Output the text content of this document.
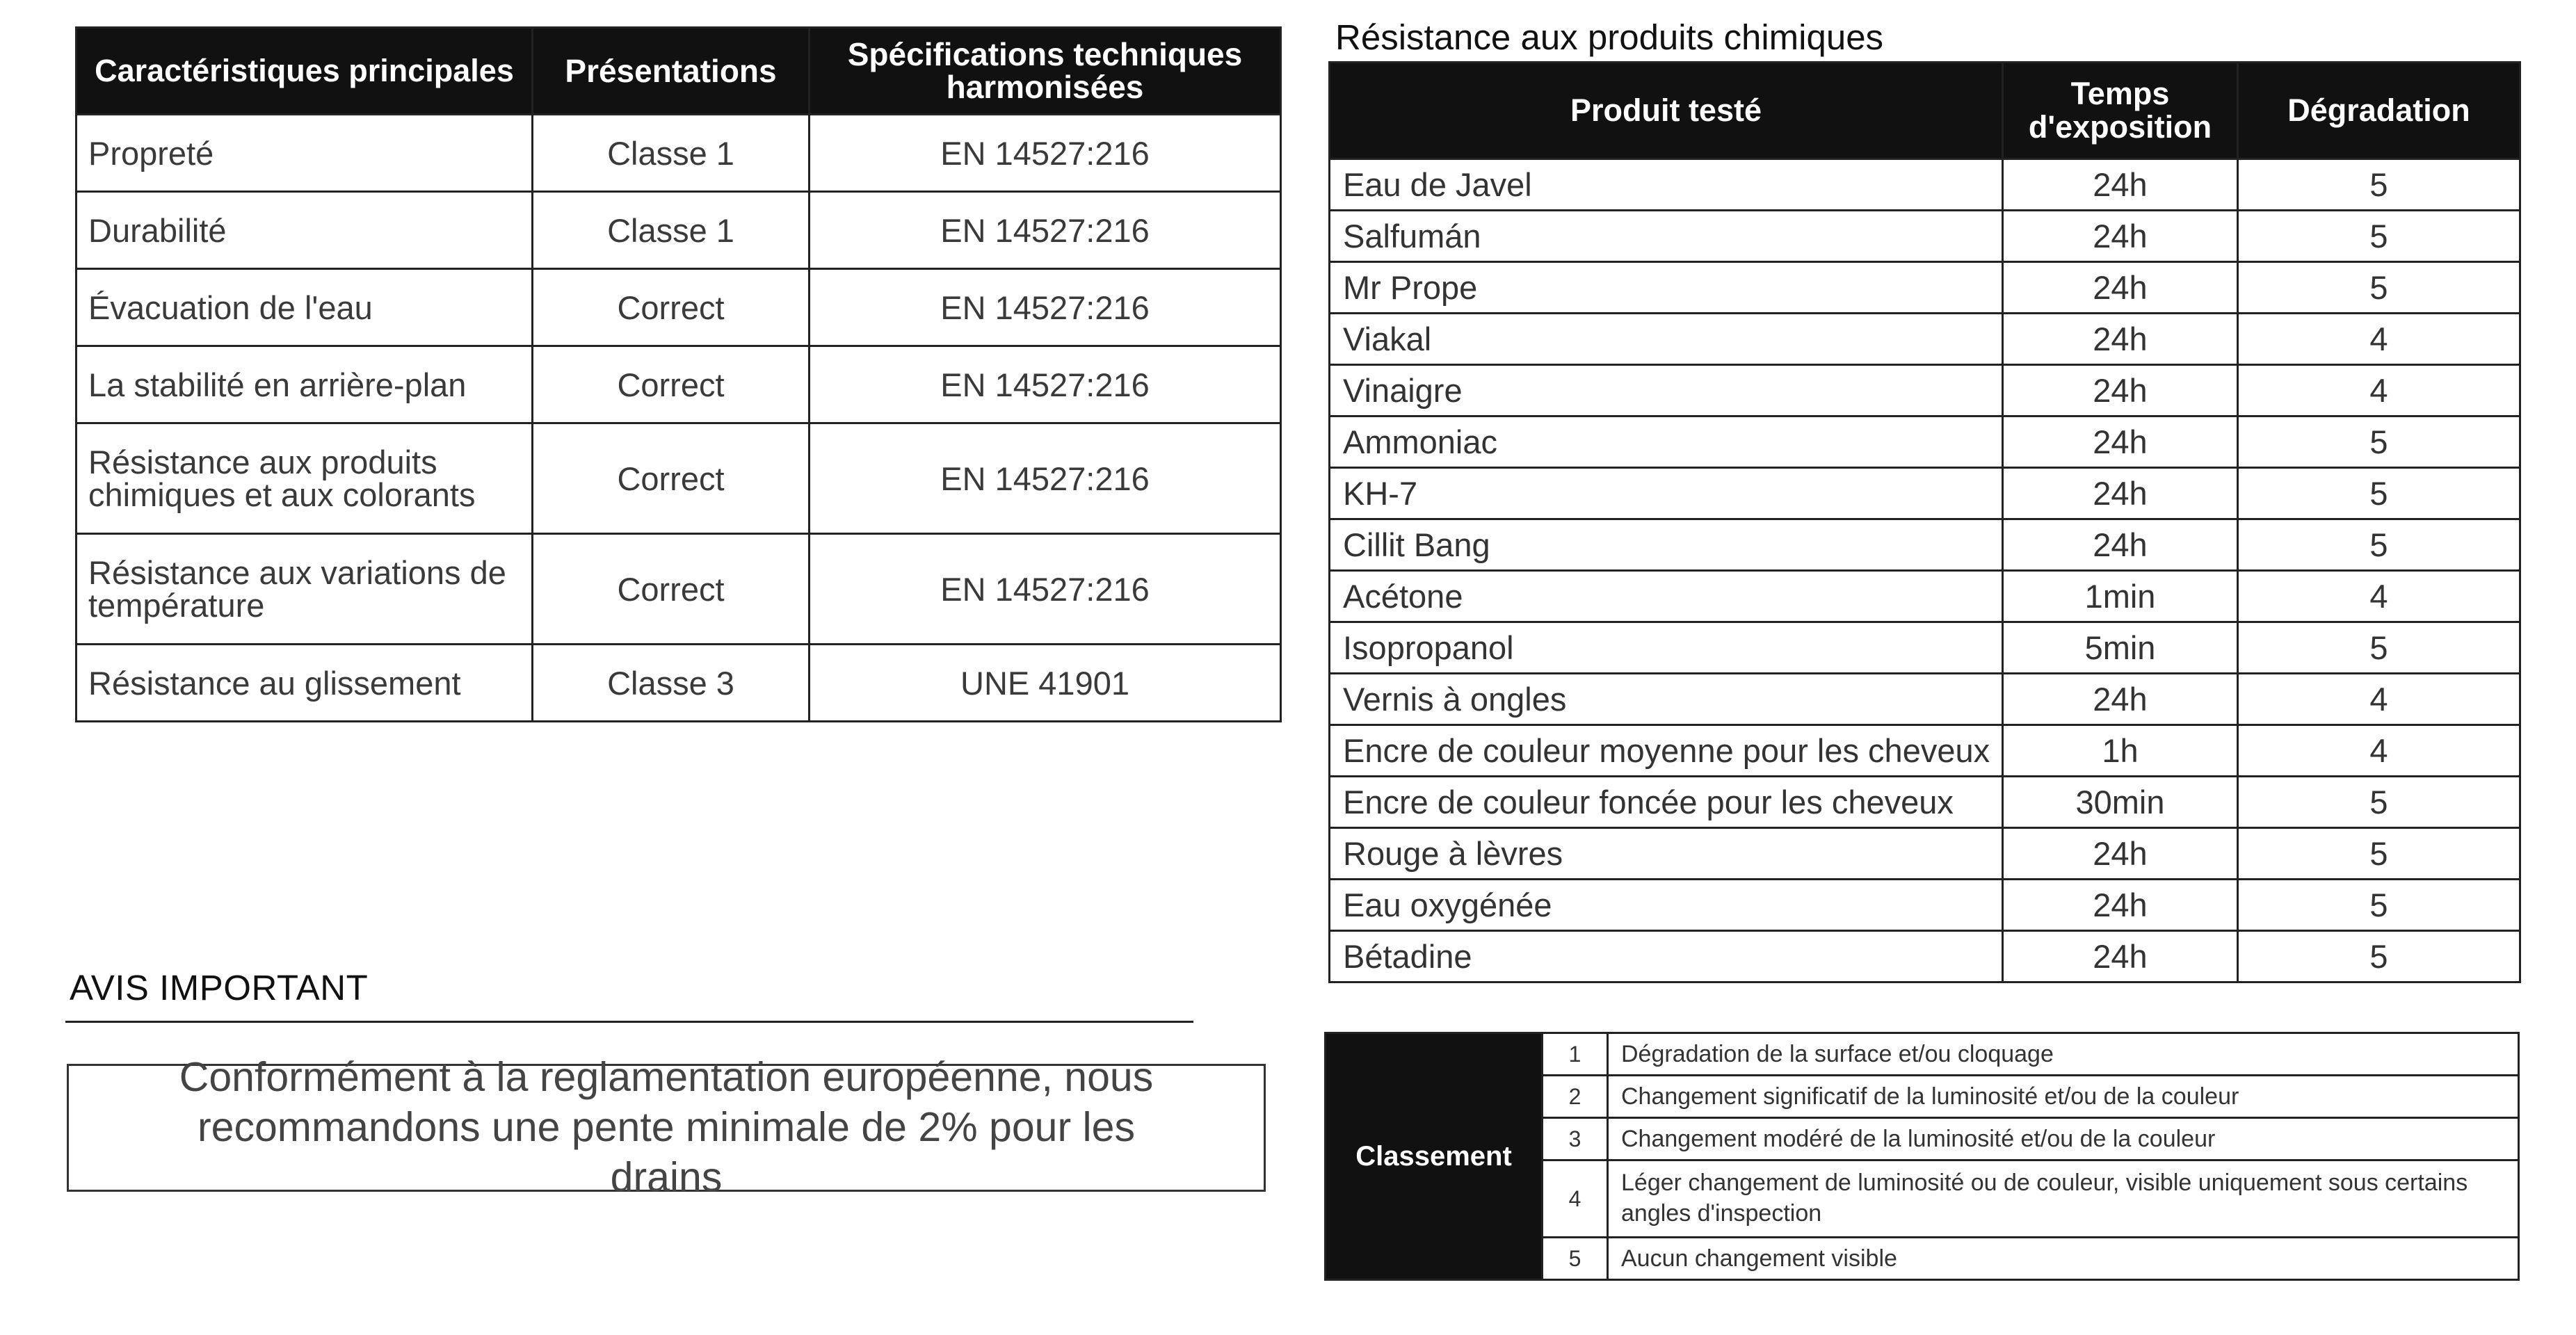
Caractéristiques principales	Présentations	Spécifications techniques harmonisées
Propreté	Classe 1	EN 14527:216
Durabilité	Classe 1	EN 14527:216
Évacuation de l'eau	Correct	EN 14527:216
La stabilité en arrière-plan	Correct	EN 14527:216
Résistance aux produits chimiques et aux colorants	Correct	EN 14527:216
Résistance aux variations de température	Correct	EN 14527:216
Résistance au glissement	Classe 3	UNE 41901
AVIS IMPORTANT
Conformément à la reglamentation européenne, nous recommandons une pente minimale de 2% pour les drains
Résistance aux produits chimiques
Produit testé	Temps d'exposition	Dégradation
Eau de Javel	24h	5
Salfumán	24h	5
Mr Prope	24h	5
Viakal	24h	4
Vinaigre	24h	4
Ammoniac	24h	5
KH-7	24h	5
Cillit Bang	24h	5
Acétone	1min	4
Isopropanol	5min	5
Vernis à ongles	24h	4
Encre de couleur moyenne pour les cheveux	1h	4
Encre de couleur foncée pour les cheveux	30min	5
Rouge à lèvres	24h	5
Eau oxygénée	24h	5
Bétadine	24h	5
Classement	1	Dégradation de la surface et/ou cloquage
	2	Changement significatif de la luminosité et/ou de la couleur
	3	Changement modéré de la luminosité et/ou de la couleur
	4	Léger changement de luminosité ou de couleur, visible uniquement sous certains angles d'inspection
	5	Aucun changement visible
